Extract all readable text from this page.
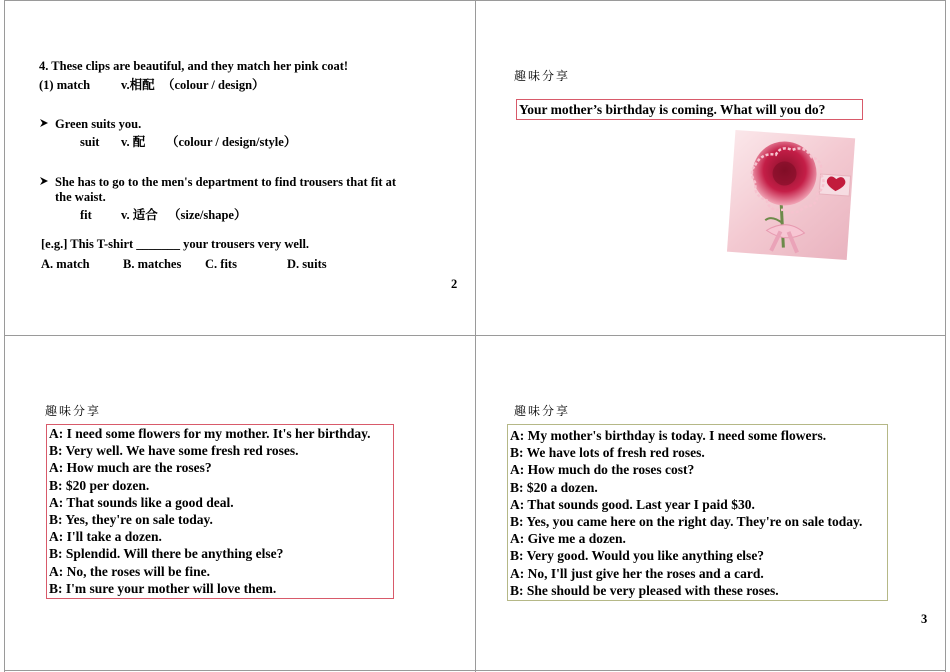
4. These clips are beautiful, and they match her pink coat!
(1) match v.相配 （colour / design）
Green suits you.
suit v. 配 （colour / design/style）
She has to go to the men's department to find trousers that fit at
the waist.
fit v. 适合 （size/shape）
[e.g.] This T-shirt _______ your trousers very well.
A. match	B. matches C. fits	D. suits
2
趣味分享
Your mother’s birthday is coming. What will you do?
趣味分享
A: I need some flowers for my mother. It's her birthday.
B: Very well. We have some fresh red roses.
A: How much are the roses?
B: $20 per dozen.
A: That sounds like a good deal.
B: Yes, they're on sale today.
A: I'll take a dozen.
B: Splendid. Will there be anything else?
A: No, the roses will be fine.
B: I'm sure your mother will love them.
趣味分享
A: My mother's birthday is today. I need some flowers.
B: We have lots of fresh red roses.
A: How much do the roses cost?
B: $20 a dozen.
A: That sounds good. Last year I paid $30.
B: Yes, you came here on the right day. They're on sale today.
A: Give me a dozen.
B: Very good. Would you like anything else?
A: No, I'll just give her the roses and a card.
B: She should be very pleased with these roses.
3
